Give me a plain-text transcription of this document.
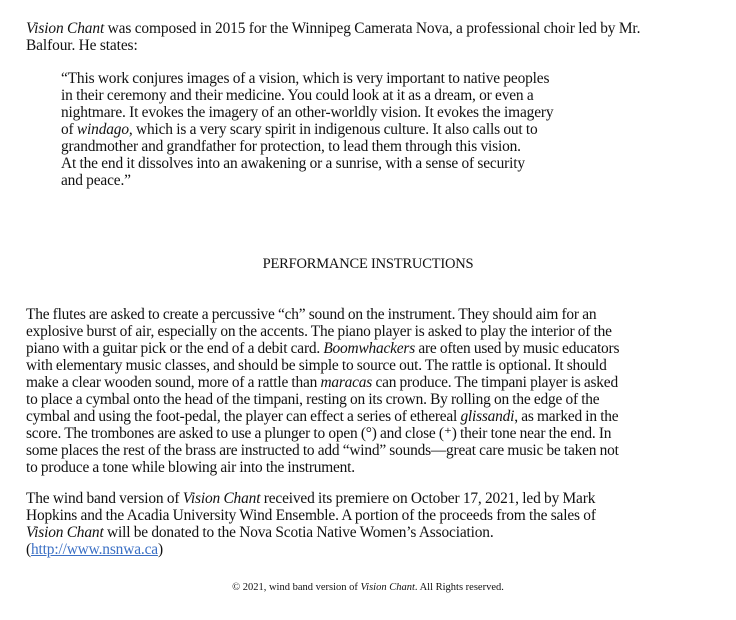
Vision Chant was composed in 2015 for the Winnipeg Camerata Nova, a professional choir led by Mr.
Balfour. He states:

“This work conjures images of a vision, which is very important to native peoples
in their ceremony and their medicine. You could look at it as a dream, or even a
nightmare. It evokes the imagery of an other-worldly vision. It evokes the imagery
of windago, which is a very scary spirit in indigenous culture. It also calls out to
grandmother and grandfather for protection, to lead them through this vision.
At the end it dissolves into an awakening or a sunrise, with a sense of security
and peace.”

PERFORMANCE INSTRUCTIONS

The flutes are asked to create a percussive “ch” sound on the instrument. They should aim for an
explosive burst of air, especially on the accents. The piano player is asked to play the interior of the
piano with a guitar pick or the end of a debit card. Boomwhackers are often used by music educators
with elementary music classes, and should be simple to source out. The rattle is optional. It should
make a clear wooden sound, more of a rattle than maracas can produce. The timpani player is asked
to place a cymbal onto the head of the timpani, resting on its crown. By rolling on the edge of the
cymbal and using the foot-pedal, the player can effect a series of ethereal glissandi, as marked in the
score. The trombones are asked to use a plunger to open (°) and close (⁺) their tone near the end. In
some places the rest of the brass are instructed to add “wind” sounds—great care music be taken not
to produce a tone while blowing air into the instrument.

The wind band version of Vision Chant received its premiere on October 17, 2021, led by Mark
Hopkins and the Acadia University Wind Ensemble. A portion of the proceeds from the sales of
Vision Chant will be donated to the Nova Scotia Native Women’s Association.
(http://www.nsnwa.ca)

© 2021, wind band version of Vision Chant. All Rights reserved.
